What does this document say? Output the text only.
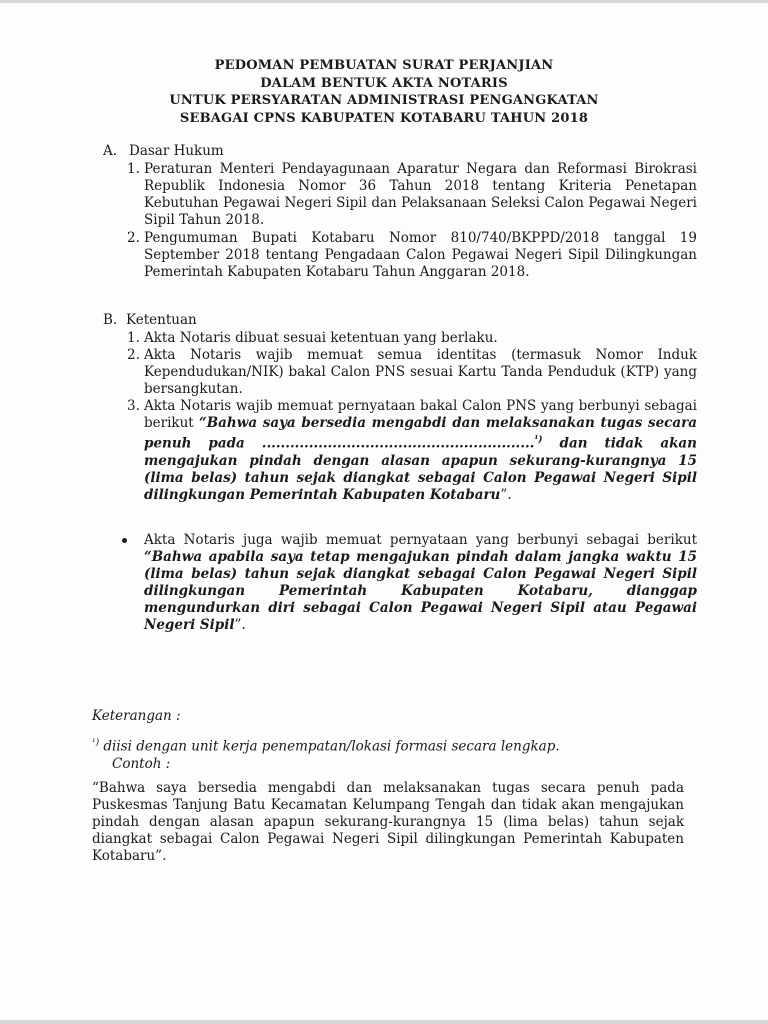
PEDOMAN PEMBUATAN SURAT PERJANJIAN
DALAM BENTUK AKTA NOTARIS
UNTUK PERSYARATAN ADMINISTRASI PENGANGKATAN
SEBAGAI CPNS KABUPATEN KOTABARU TAHUN 2018
A. Dasar Hukum
1. Peraturan Menteri Pendayagunaan Aparatur Negara dan Reformasi Birokrasi Republik Indonesia Nomor 36 Tahun 2018 tentang Kriteria Penetapan Kebutuhan Pegawai Negeri Sipil dan Pelaksanaan Seleksi Calon Pegawai Negeri Sipil Tahun 2018.
2. Pengumuman Bupati Kotabaru Nomor 810/740/BKPPD/2018 tanggal 19 September 2018 tentang Pengadaan Calon Pegawai Negeri Sipil Dilingkungan Pemerintah Kabupaten Kotabaru Tahun Anggaran 2018.
B. Ketentuan
1. Akta Notaris dibuat sesuai ketentuan yang berlaku.
2. Akta Notaris wajib memuat semua identitas (termasuk Nomor Induk Kependudukan/NIK) bakal Calon PNS sesuai Kartu Tanda Penduduk (KTP) yang bersangkutan.
3. Akta Notaris wajib memuat pernyataan bakal Calon PNS yang berbunyi sebagai berikut “Bahwa saya bersedia mengabdi dan melaksanakan tugas secara penuh pada ..........................................................$^{^1)}$ dan tidak akan mengajukan pindah dengan alasan apapun sekurang-kurangnya 15 (lima belas) tahun sejak diangkat sebagai Calon Pegawai Negeri Sipil dilingkungan Pemerintah Kabupaten Kotabaru”.
Akta Notaris juga wajib memuat pernyataan yang berbunyi sebagai berikut “Bahwa apabila saya tetap mengajukan pindah dalam jangka waktu 15 (lima belas) tahun sejak diangkat sebagai Calon Pegawai Negeri Sipil dilingkungan Pemerintah Kabupaten Kotabaru, dianggap mengundurkan diri sebagai Calon Pegawai Negeri Sipil atau Pegawai Negeri Sipil”.
Keterangan :
$^{^1)}$ diisi dengan unit kerja penempatan/lokasi formasi secara lengkap.
Contoh :
“Bahwa saya bersedia mengabdi dan melaksanakan tugas secara penuh pada Puskesmas Tanjung Batu Kecamatan Kelumpang Tengah dan tidak akan mengajukan pindah dengan alasan apapun sekurang-kurangnya 15 (lima belas) tahun sejak diangkat sebagai Calon Pegawai Negeri Sipil dilingkungan Pemerintah Kabupaten Kotabaru”.
